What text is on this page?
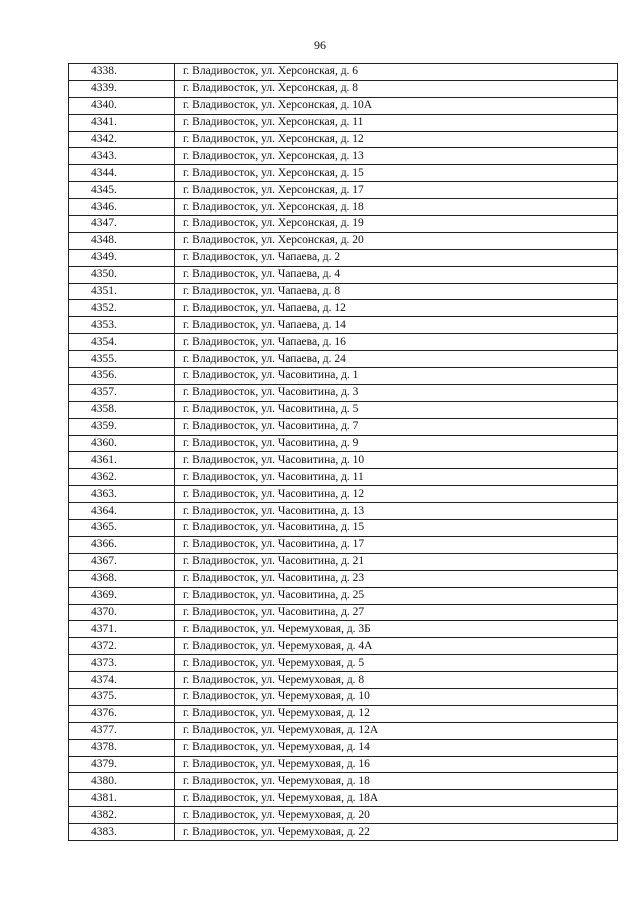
96
4338.	г. Владивосток, ул. Херсонская, д. 6
4339.	г. Владивосток, ул. Херсонская, д. 8
4340.	г. Владивосток, ул. Херсонская, д. 10А
4341.	г. Владивосток, ул. Херсонская, д. 11
4342.	г. Владивосток, ул. Херсонская, д. 12
4343.	г. Владивосток, ул. Херсонская, д. 13
4344.	г. Владивосток, ул. Херсонская, д. 15
4345.	г. Владивосток, ул. Херсонская, д. 17
4346.	г. Владивосток, ул. Херсонская, д. 18
4347.	г. Владивосток, ул. Херсонская, д. 19
4348.	г. Владивосток, ул. Херсонская, д. 20
4349.	г. Владивосток, ул. Чапаева, д. 2
4350.	г. Владивосток, ул. Чапаева, д. 4
4351.	г. Владивосток, ул. Чапаева, д. 8
4352.	г. Владивосток, ул. Чапаева, д. 12
4353.	г. Владивосток, ул. Чапаева, д. 14
4354.	г. Владивосток, ул. Чапаева, д. 16
4355.	г. Владивосток, ул. Чапаева, д. 24
4356.	г. Владивосток, ул. Часовитина, д. 1
4357.	г. Владивосток, ул. Часовитина, д. 3
4358.	г. Владивосток, ул. Часовитина, д. 5
4359.	г. Владивосток, ул. Часовитина, д. 7
4360.	г. Владивосток, ул. Часовитина, д. 9
4361.	г. Владивосток, ул. Часовитина, д. 10
4362.	г. Владивосток, ул. Часовитина, д. 11
4363.	г. Владивосток, ул. Часовитина, д. 12
4364.	г. Владивосток, ул. Часовитина, д. 13
4365.	г. Владивосток, ул. Часовитина, д. 15
4366.	г. Владивосток, ул. Часовитина, д. 17
4367.	г. Владивосток, ул. Часовитина, д. 21
4368.	г. Владивосток, ул. Часовитина, д. 23
4369.	г. Владивосток, ул. Часовитина, д. 25
4370.	г. Владивосток, ул. Часовитина, д. 27
4371.	г. Владивосток, ул. Черемуховая, д. 3Б
4372.	г. Владивосток, ул. Черемуховая, д. 4А
4373.	г. Владивосток, ул. Черемуховая, д. 5
4374.	г. Владивосток, ул. Черемуховая, д. 8
4375.	г. Владивосток, ул. Черемуховая, д. 10
4376.	г. Владивосток, ул. Черемуховая, д. 12
4377.	г. Владивосток, ул. Черемуховая, д. 12А
4378.	г. Владивосток, ул. Черемуховая, д. 14
4379.	г. Владивосток, ул. Черемуховая, д. 16
4380.	г. Владивосток, ул. Черемуховая, д. 18
4381.	г. Владивосток, ул. Черемуховая, д. 18А
4382.	г. Владивосток, ул. Черемуховая, д. 20
4383.	г. Владивосток, ул. Черемуховая, д. 22
